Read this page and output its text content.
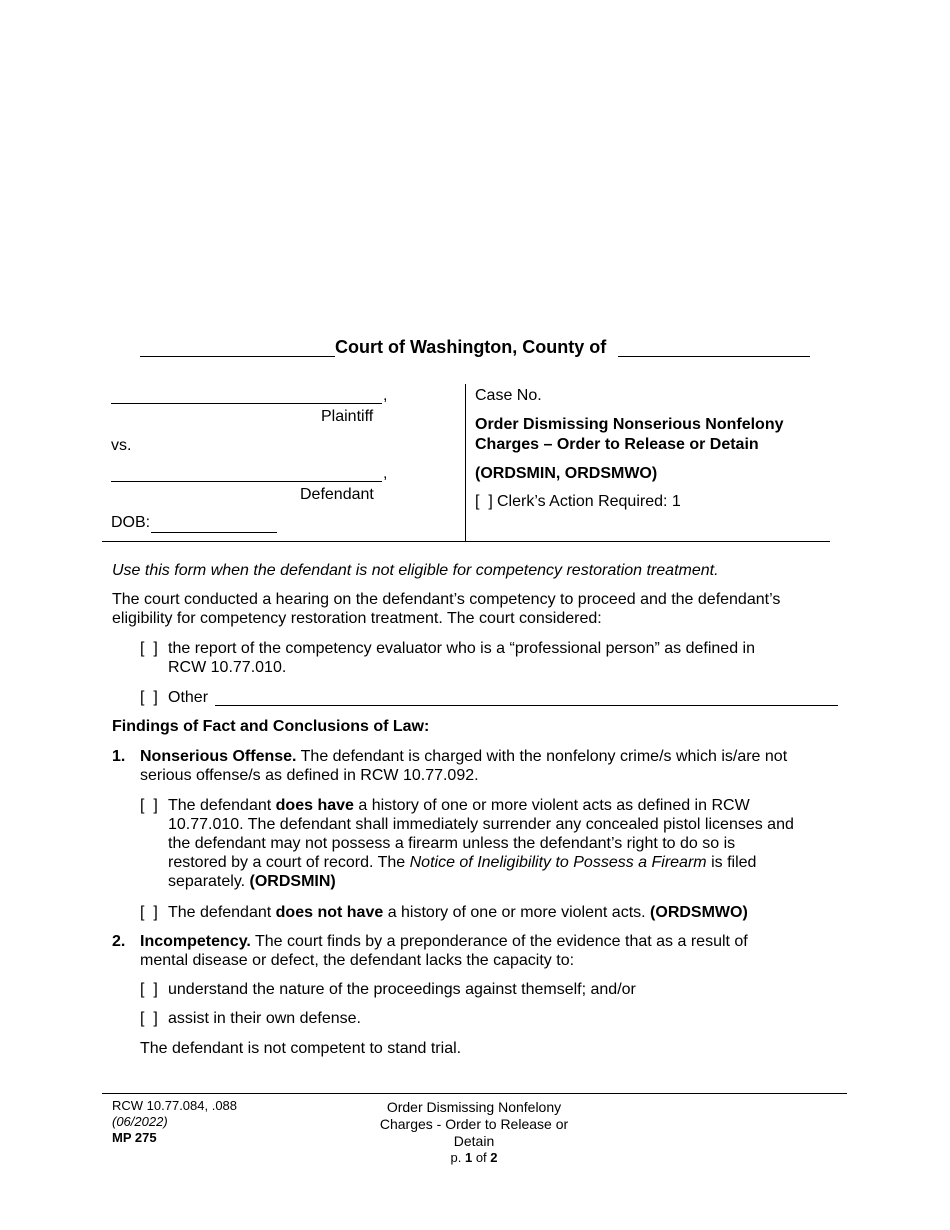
Court of Washington, County of
,
Plaintiff
vs.
,
Defendant
DOB:
Case No.
Order Dismissing Nonserious Nonfelony
Charges – Order to Release or Detain
(ORDSMIN, ORDSMWO)
[  ] Clerk’s Action Required: 1
Use this form when the defendant is not eligible for competency restoration treatment.
The court conducted a hearing on the defendant’s competency to proceed and the defendant’s
eligibility for competency restoration treatment. The court considered:
[  ] the report of the competency evaluator who is a “professional person” as defined in
RCW 10.77.010.
[  ] Other
Findings of Fact and Conclusions of Law:
1. Nonserious Offense. The defendant is charged with the nonfelony crime/s which is/are not
serious offense/s as defined in RCW 10.77.092.
[  ] The defendant does have a history of one or more violent acts as defined in RCW
10.77.010. The defendant shall immediately surrender any concealed pistol licenses and
the defendant may not possess a firearm unless the defendant’s right to do so is
restored by a court of record. The Notice of Ineligibility to Possess a Firearm is filed
separately. (ORDSMIN)
[  ] The defendant does not have a history of one or more violent acts. (ORDSMWO)
2. Incompetency. The court finds by a preponderance of the evidence that as a result of
mental disease or defect, the defendant lacks the capacity to:
[  ] understand the nature of the proceedings against themself; and/or
[  ] assist in their own defense.
The defendant is not competent to stand trial.
RCW 10.77.084, .088
(06/2022)
MP 275
Order Dismissing Nonfelony
Charges - Order to Release or
Detain
p. 1 of 2
